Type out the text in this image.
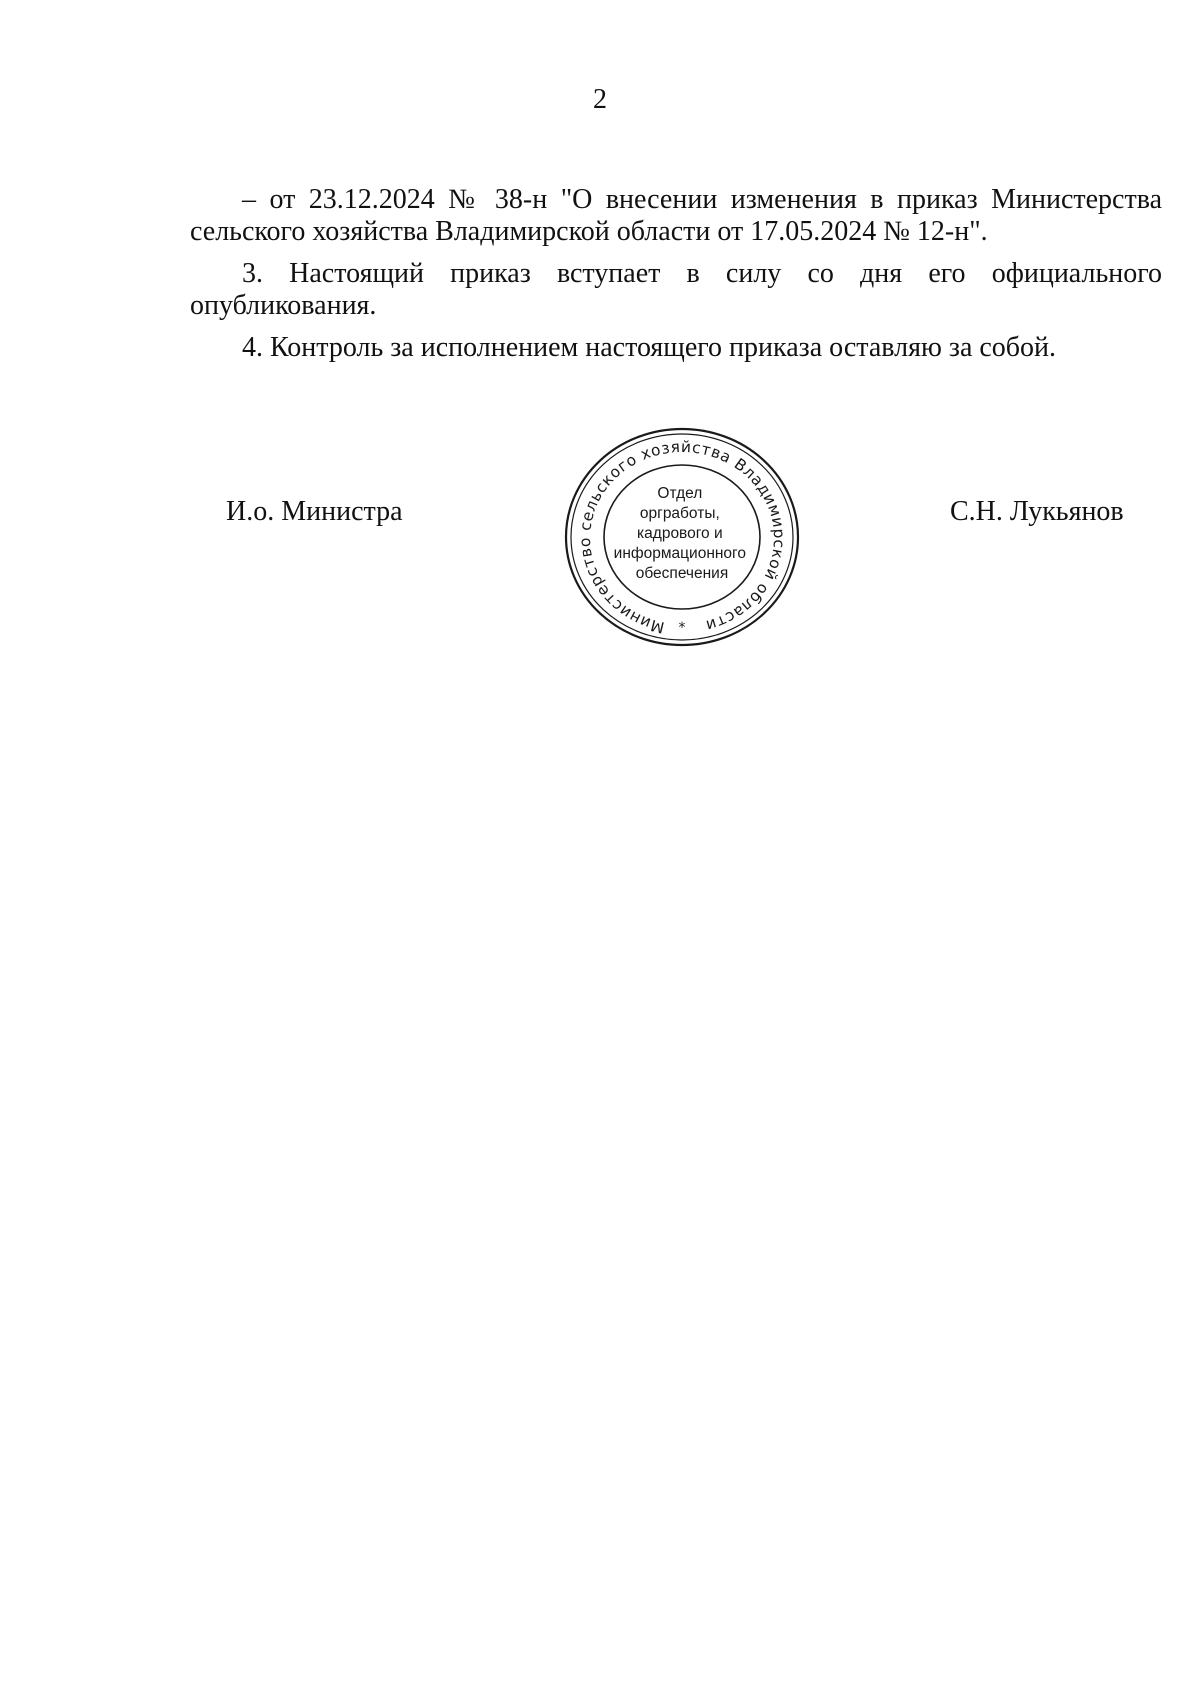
2

– от 23.12.2024 № 38-н "О внесении изменения в приказ Министерства сельского хозяйства Владимирской области от 17.05.2024 № 12-н".

3. Настоящий приказ вступает в силу со дня его официального опубликования.

4. Контроль за исполнением настоящего приказа оставляю за собой.

И.о. Министра	С.Н. Лукьянов
Министерство сельского хозяйства Владимирской области
*
Отдел оргработы, кадрового и информационного обеспечения
